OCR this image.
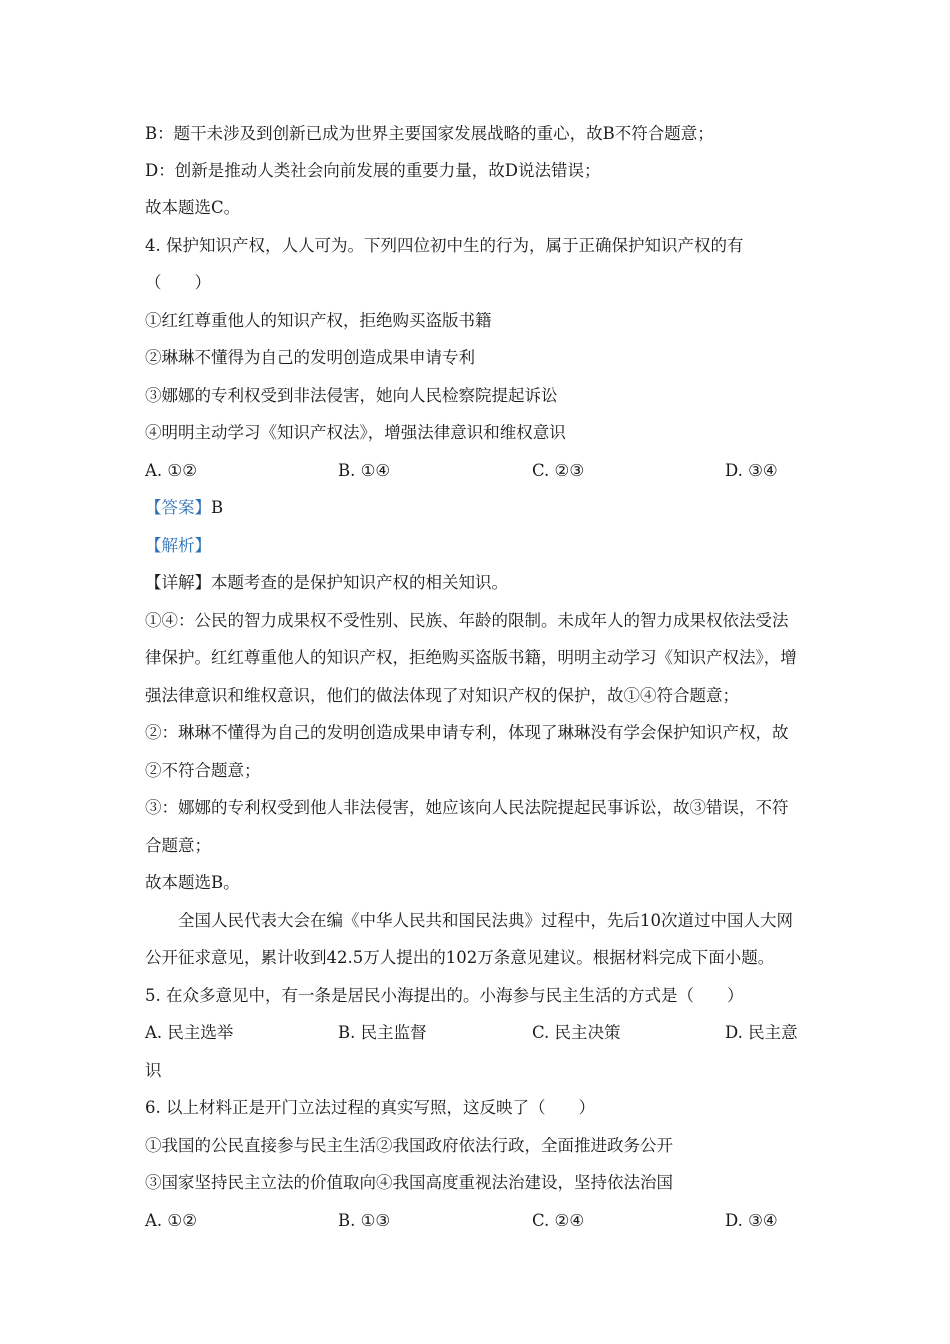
B：题干未涉及到创新已成为世界主要国家发展战略的重心，故B不符合题意；
D：创新是推动人类社会向前发展的重要力量，故D说法错误；
故本题选C。
4. 保护知识产权，人人可为。下列四位初中生的行为，属于正确保护知识产权的有
（　　）
①红红尊重他人的知识产权，拒绝购买盗版书籍
②琳琳不懂得为自己的发明创造成果申请专利
③娜娜的专利权受到非法侵害，她向人民检察院提起诉讼
④明明主动学习《知识产权法》，增强法律意识和维权意识
A. ①②	B. ①④	C. ②③	D. ③④
【答案】B
【解析】
【详解】本题考查的是保护知识产权的相关知识。
①④：公民的智力成果权不受性别、民族、年龄的限制。未成年人的智力成果权依法受法
律保护。红红尊重他人的知识产权，拒绝购买盗版书籍，明明主动学习《知识产权法》，增
强法律意识和维权意识，他们的做法体现了对知识产权的保护，故①④符合题意；
②：琳琳不懂得为自己的发明创造成果申请专利，体现了琳琳没有学会保护知识产权，故
②不符合题意；
③：娜娜的专利权受到他人非法侵害，她应该向人民法院提起民事诉讼，故③错误，不符
合题意；
故本题选B。
全国人民代表大会在编《中华人民共和国民法典》过程中，先后10次道过中国人大网
公开征求意见，累计收到42.5万人提出的102万条意见建议。根据材料完成下面小题。
5. 在众多意见中，有一条是居民小海提出的。小海参与民主生活的方式是（　　）
A. 民主选举	B. 民主监督	C. 民主决策	D. 民主意
识
6. 以上材料正是开门立法过程的真实写照，这反映了（　　）
①我国的公民直接参与民主生活②我国政府依法行政，全面推进政务公开
③国家坚持民主立法的价值取向④我国高度重视法治建设，坚持依法治国
A. ①②	B. ①③	C. ②④	D. ③④
